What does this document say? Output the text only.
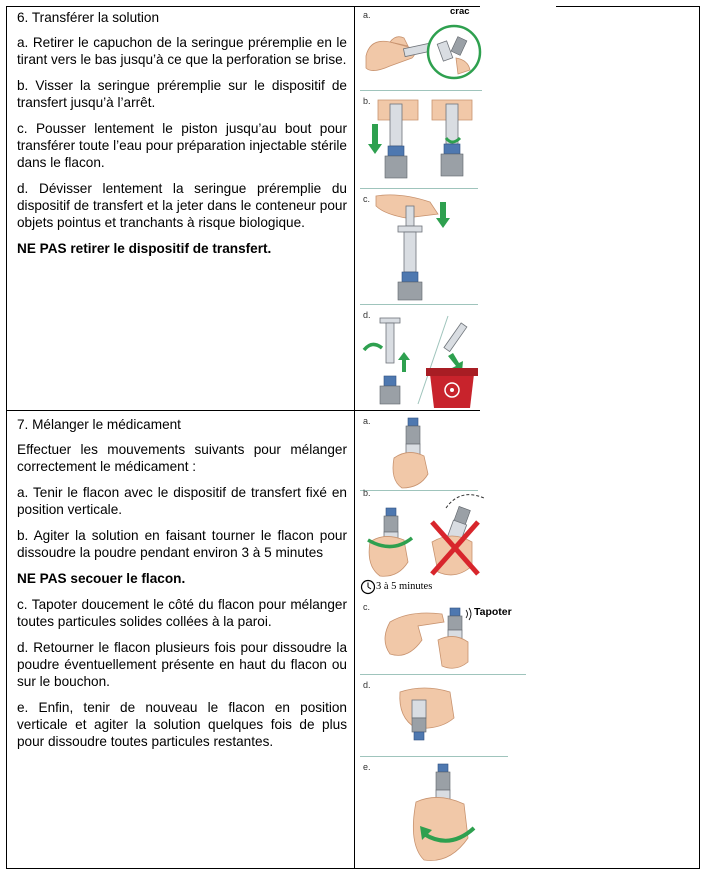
6. Transférer la solution

a. Retirer le capuchon de la seringue préremplie en le tirant vers le bas jusqu’à ce que la perforation se brise.

b. Visser la seringue préremplie sur le dispositif de transfert jusqu’à l’arrêt.

c. Pousser lentement le piston jusqu’au bout pour transférer toute l’eau pour préparation injectable stérile dans le flacon.

d. Dévisser lentement la seringue préremplie du dispositif de transfert et la jeter dans le conteneur pour objets pointus et tranchants à risque biologique.

NE PAS retirer le dispositif de transfert.

7. Mélanger le médicament

Effectuer les mouvements suivants pour mélanger correctement le médicament :

a. Tenir le flacon avec le dispositif de transfert fixé en position verticale.

b. Agiter la solution en faisant tourner le flacon pour dissoudre la poudre pendant environ 3 à 5 minutes

NE PAS secouer le flacon.

c. Tapoter doucement le côté du flacon pour mélanger toutes particules solides collées à la paroi.

d. Retourner le flacon plusieurs fois pour dissoudre la poudre éventuellement présente en haut du flacon ou sur le bouchon.

e. Enfin, tenir de nouveau le flacon en position verticale et agiter la solution quelques fois de plus pour dissoudre toutes particules restantes.

a.	crac
b.
c.
d.
a.
b.
3 à 5 minutes
c.	Tapoter
d.
e.
